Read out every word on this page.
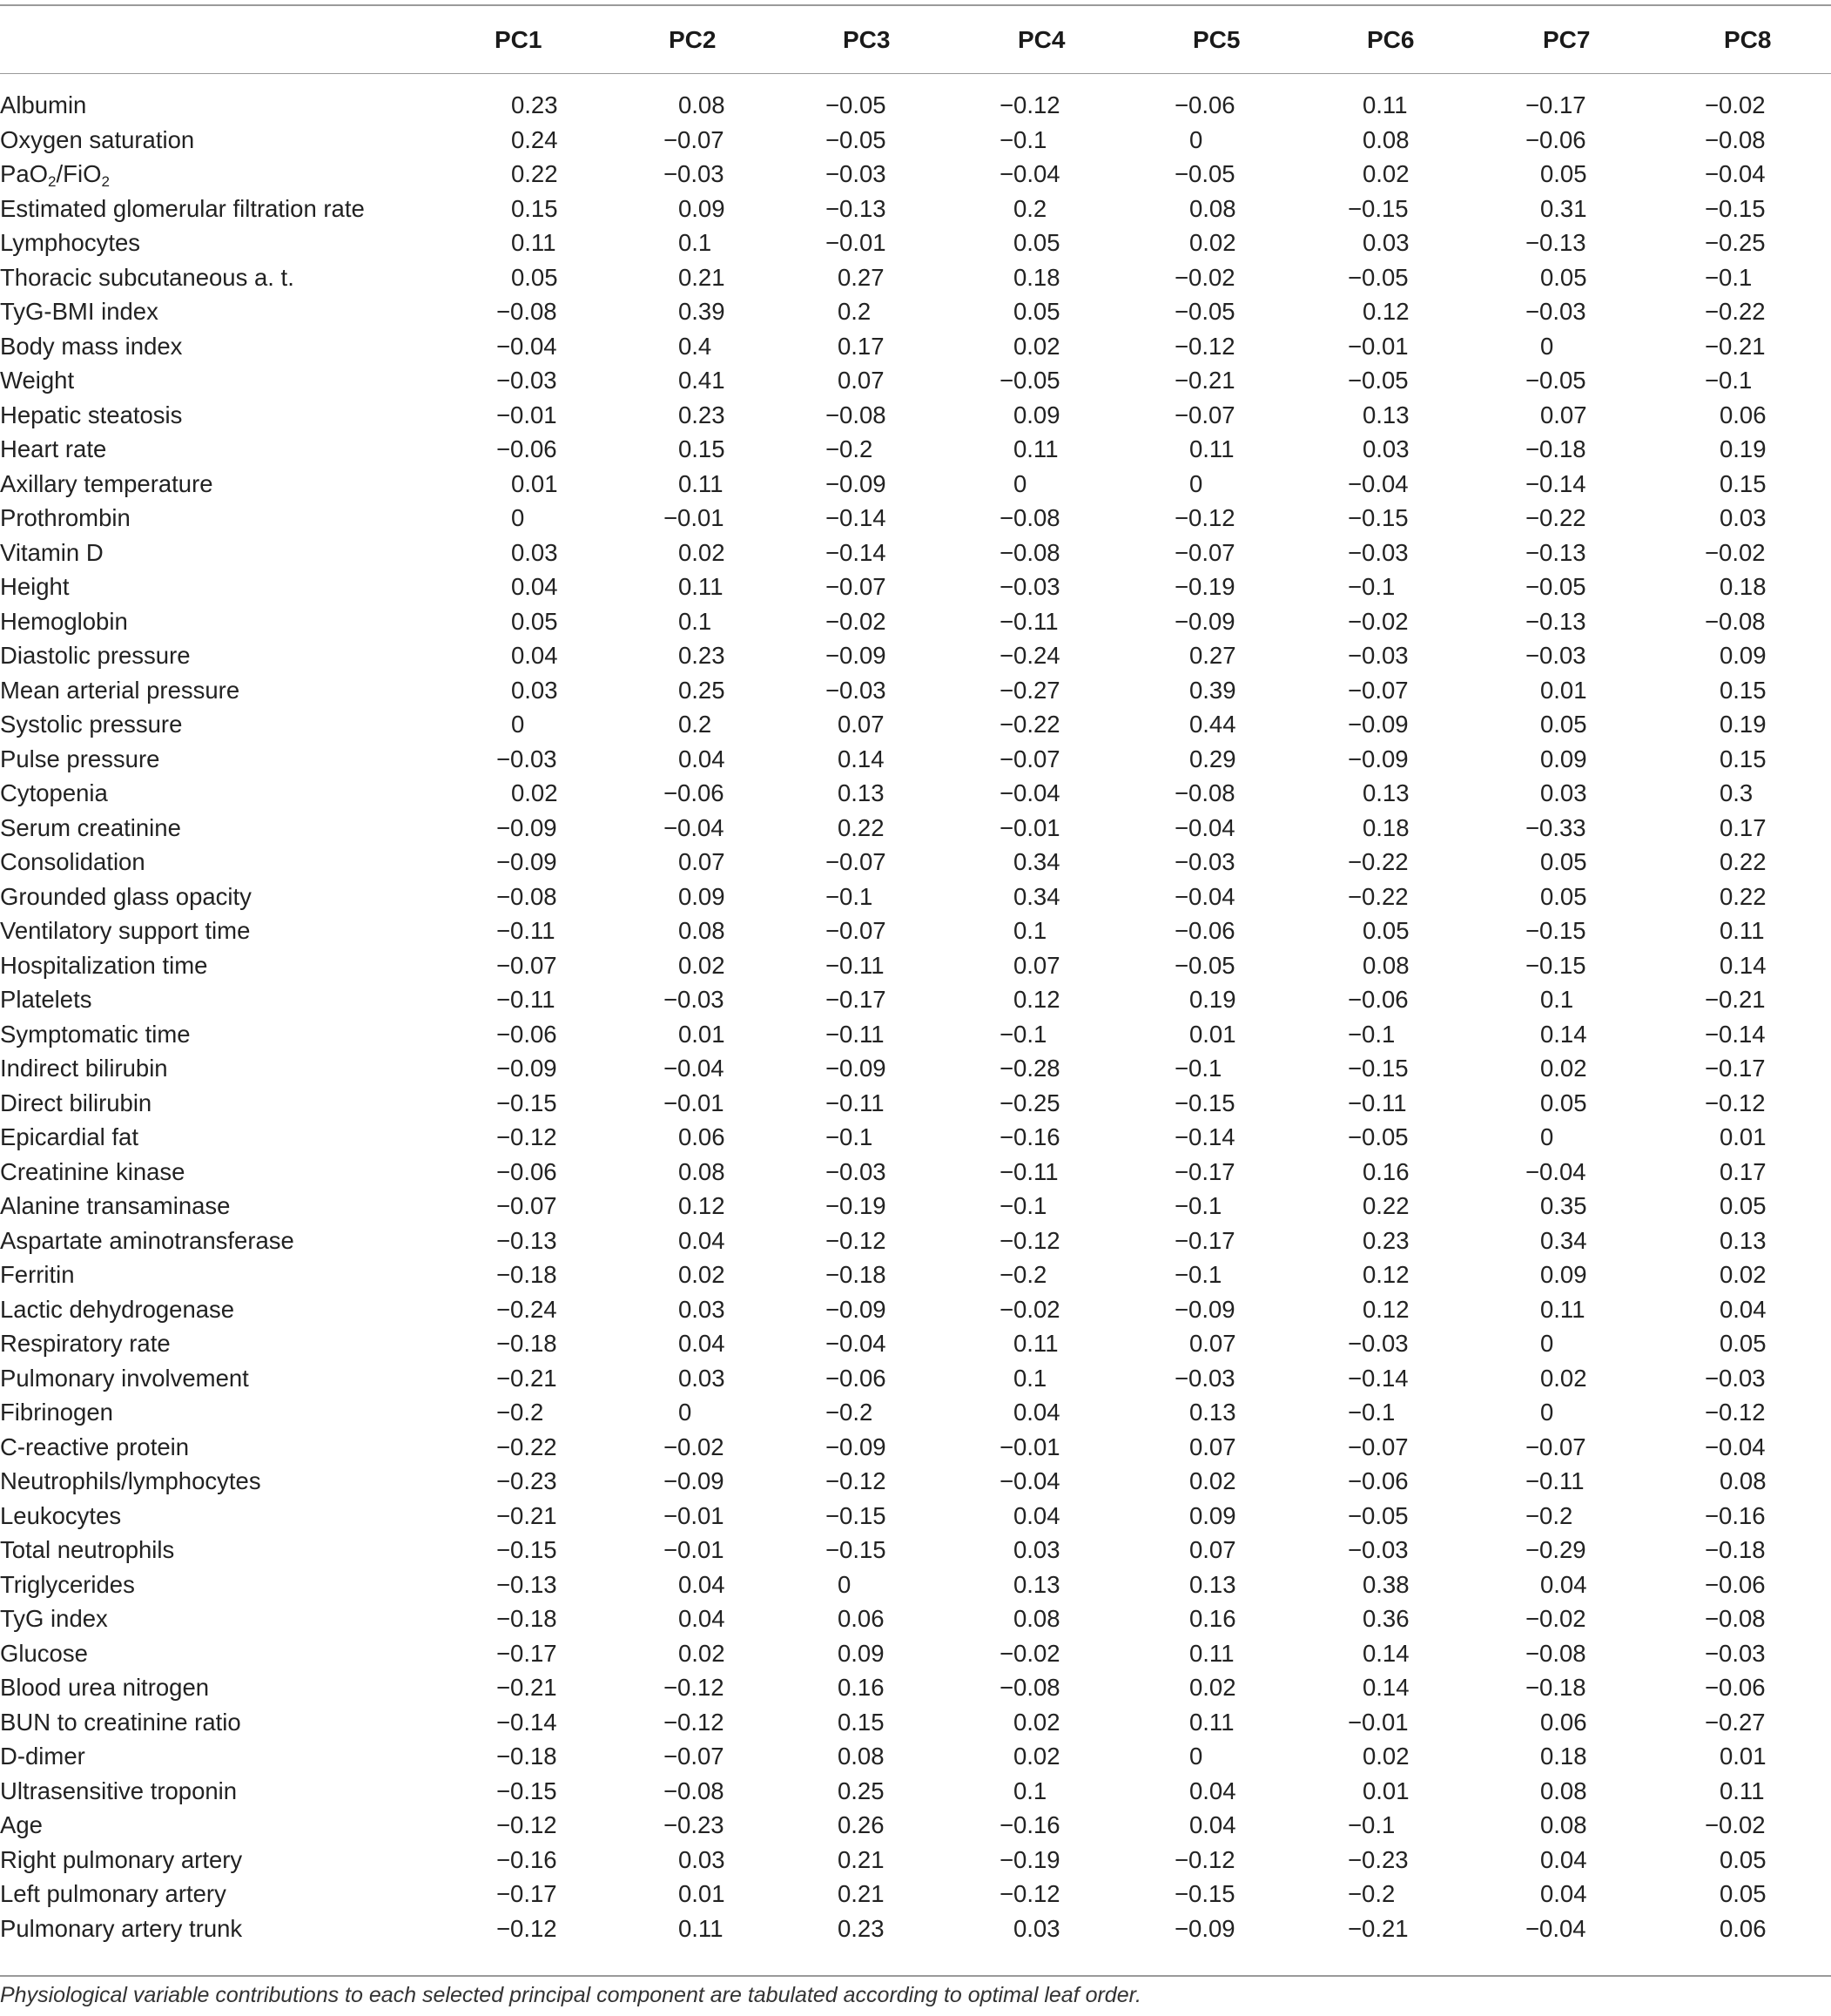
	PC1	PC2	PC3	PC4	PC5	PC6	PC7	PC8
Albumin	0.23	0.08	−0.05	−0.12	−0.06	0.11	−0.17	−0.02
Oxygen saturation	0.24	−0.07	−0.05	−0.1	0	0.08	−0.06	−0.08
PaO$_2$/FiO$_2$	0.22	−0.03	−0.03	−0.04	−0.05	0.02	0.05	−0.04
Estimated glomerular filtration rate	0.15	0.09	−0.13	0.2	0.08	−0.15	0.31	−0.15
Lymphocytes	0.11	0.1	−0.01	0.05	0.02	0.03	−0.13	−0.25
Thoracic subcutaneous a. t.	0.05	0.21	0.27	0.18	−0.02	−0.05	0.05	−0.1
TyG-BMI index	−0.08	0.39	0.2	0.05	−0.05	0.12	−0.03	−0.22
Body mass index	−0.04	0.4	0.17	0.02	−0.12	−0.01	0	−0.21
Weight	−0.03	0.41	0.07	−0.05	−0.21	−0.05	−0.05	−0.1
Hepatic steatosis	−0.01	0.23	−0.08	0.09	−0.07	0.13	0.07	0.06
Heart rate	−0.06	0.15	−0.2	0.11	0.11	0.03	−0.18	0.19
Axillary temperature	0.01	0.11	−0.09	0	0	−0.04	−0.14	0.15
Prothrombin	0	−0.01	−0.14	−0.08	−0.12	−0.15	−0.22	0.03
Vitamin D	0.03	0.02	−0.14	−0.08	−0.07	−0.03	−0.13	−0.02
Height	0.04	0.11	−0.07	−0.03	−0.19	−0.1	−0.05	0.18
Hemoglobin	0.05	0.1	−0.02	−0.11	−0.09	−0.02	−0.13	−0.08
Diastolic pressure	0.04	0.23	−0.09	−0.24	0.27	−0.03	−0.03	0.09
Mean arterial pressure	0.03	0.25	−0.03	−0.27	0.39	−0.07	0.01	0.15
Systolic pressure	0	0.2	0.07	−0.22	0.44	−0.09	0.05	0.19
Pulse pressure	−0.03	0.04	0.14	−0.07	0.29	−0.09	0.09	0.15
Cytopenia	0.02	−0.06	0.13	−0.04	−0.08	0.13	0.03	0.3
Serum creatinine	−0.09	−0.04	0.22	−0.01	−0.04	0.18	−0.33	0.17
Consolidation	−0.09	0.07	−0.07	0.34	−0.03	−0.22	0.05	0.22
Grounded glass opacity	−0.08	0.09	−0.1	0.34	−0.04	−0.22	0.05	0.22
Ventilatory support time	−0.11	0.08	−0.07	0.1	−0.06	0.05	−0.15	0.11
Hospitalization time	−0.07	0.02	−0.11	0.07	−0.05	0.08	−0.15	0.14
Platelets	−0.11	−0.03	−0.17	0.12	0.19	−0.06	0.1	−0.21
Symptomatic time	−0.06	0.01	−0.11	−0.1	0.01	−0.1	0.14	−0.14
Indirect bilirubin	−0.09	−0.04	−0.09	−0.28	−0.1	−0.15	0.02	−0.17
Direct bilirubin	−0.15	−0.01	−0.11	−0.25	−0.15	−0.11	0.05	−0.12
Epicardial fat	−0.12	0.06	−0.1	−0.16	−0.14	−0.05	0	0.01
Creatinine kinase	−0.06	0.08	−0.03	−0.11	−0.17	0.16	−0.04	0.17
Alanine transaminase	−0.07	0.12	−0.19	−0.1	−0.1	0.22	0.35	0.05
Aspartate aminotransferase	−0.13	0.04	−0.12	−0.12	−0.17	0.23	0.34	0.13
Ferritin	−0.18	0.02	−0.18	−0.2	−0.1	0.12	0.09	0.02
Lactic dehydrogenase	−0.24	0.03	−0.09	−0.02	−0.09	0.12	0.11	0.04
Respiratory rate	−0.18	0.04	−0.04	0.11	0.07	−0.03	0	0.05
Pulmonary involvement	−0.21	0.03	−0.06	0.1	−0.03	−0.14	0.02	−0.03
Fibrinogen	−0.2	0	−0.2	0.04	0.13	−0.1	0	−0.12
C-reactive protein	−0.22	−0.02	−0.09	−0.01	0.07	−0.07	−0.07	−0.04
Neutrophils/lymphocytes	−0.23	−0.09	−0.12	−0.04	0.02	−0.06	−0.11	0.08
Leukocytes	−0.21	−0.01	−0.15	0.04	0.09	−0.05	−0.2	−0.16
Total neutrophils	−0.15	−0.01	−0.15	0.03	0.07	−0.03	−0.29	−0.18
Triglycerides	−0.13	0.04	0	0.13	0.13	0.38	0.04	−0.06
TyG index	−0.18	0.04	0.06	0.08	0.16	0.36	−0.02	−0.08
Glucose	−0.17	0.02	0.09	−0.02	0.11	0.14	−0.08	−0.03
Blood urea nitrogen	−0.21	−0.12	0.16	−0.08	0.02	0.14	−0.18	−0.06
BUN to creatinine ratio	−0.14	−0.12	0.15	0.02	0.11	−0.01	0.06	−0.27
D-dimer	−0.18	−0.07	0.08	0.02	0	0.02	0.18	0.01
Ultrasensitive troponin	−0.15	−0.08	0.25	0.1	0.04	0.01	0.08	0.11
Age	−0.12	−0.23	0.26	−0.16	0.04	−0.1	0.08	−0.02
Right pulmonary artery	−0.16	0.03	0.21	−0.19	−0.12	−0.23	0.04	0.05
Left pulmonary artery	−0.17	0.01	0.21	−0.12	−0.15	−0.2	0.04	0.05
Pulmonary artery trunk	−0.12	0.11	0.23	0.03	−0.09	−0.21	−0.04	0.06
Physiological variable contributions to each selected principal component are tabulated according to optimal leaf order.
